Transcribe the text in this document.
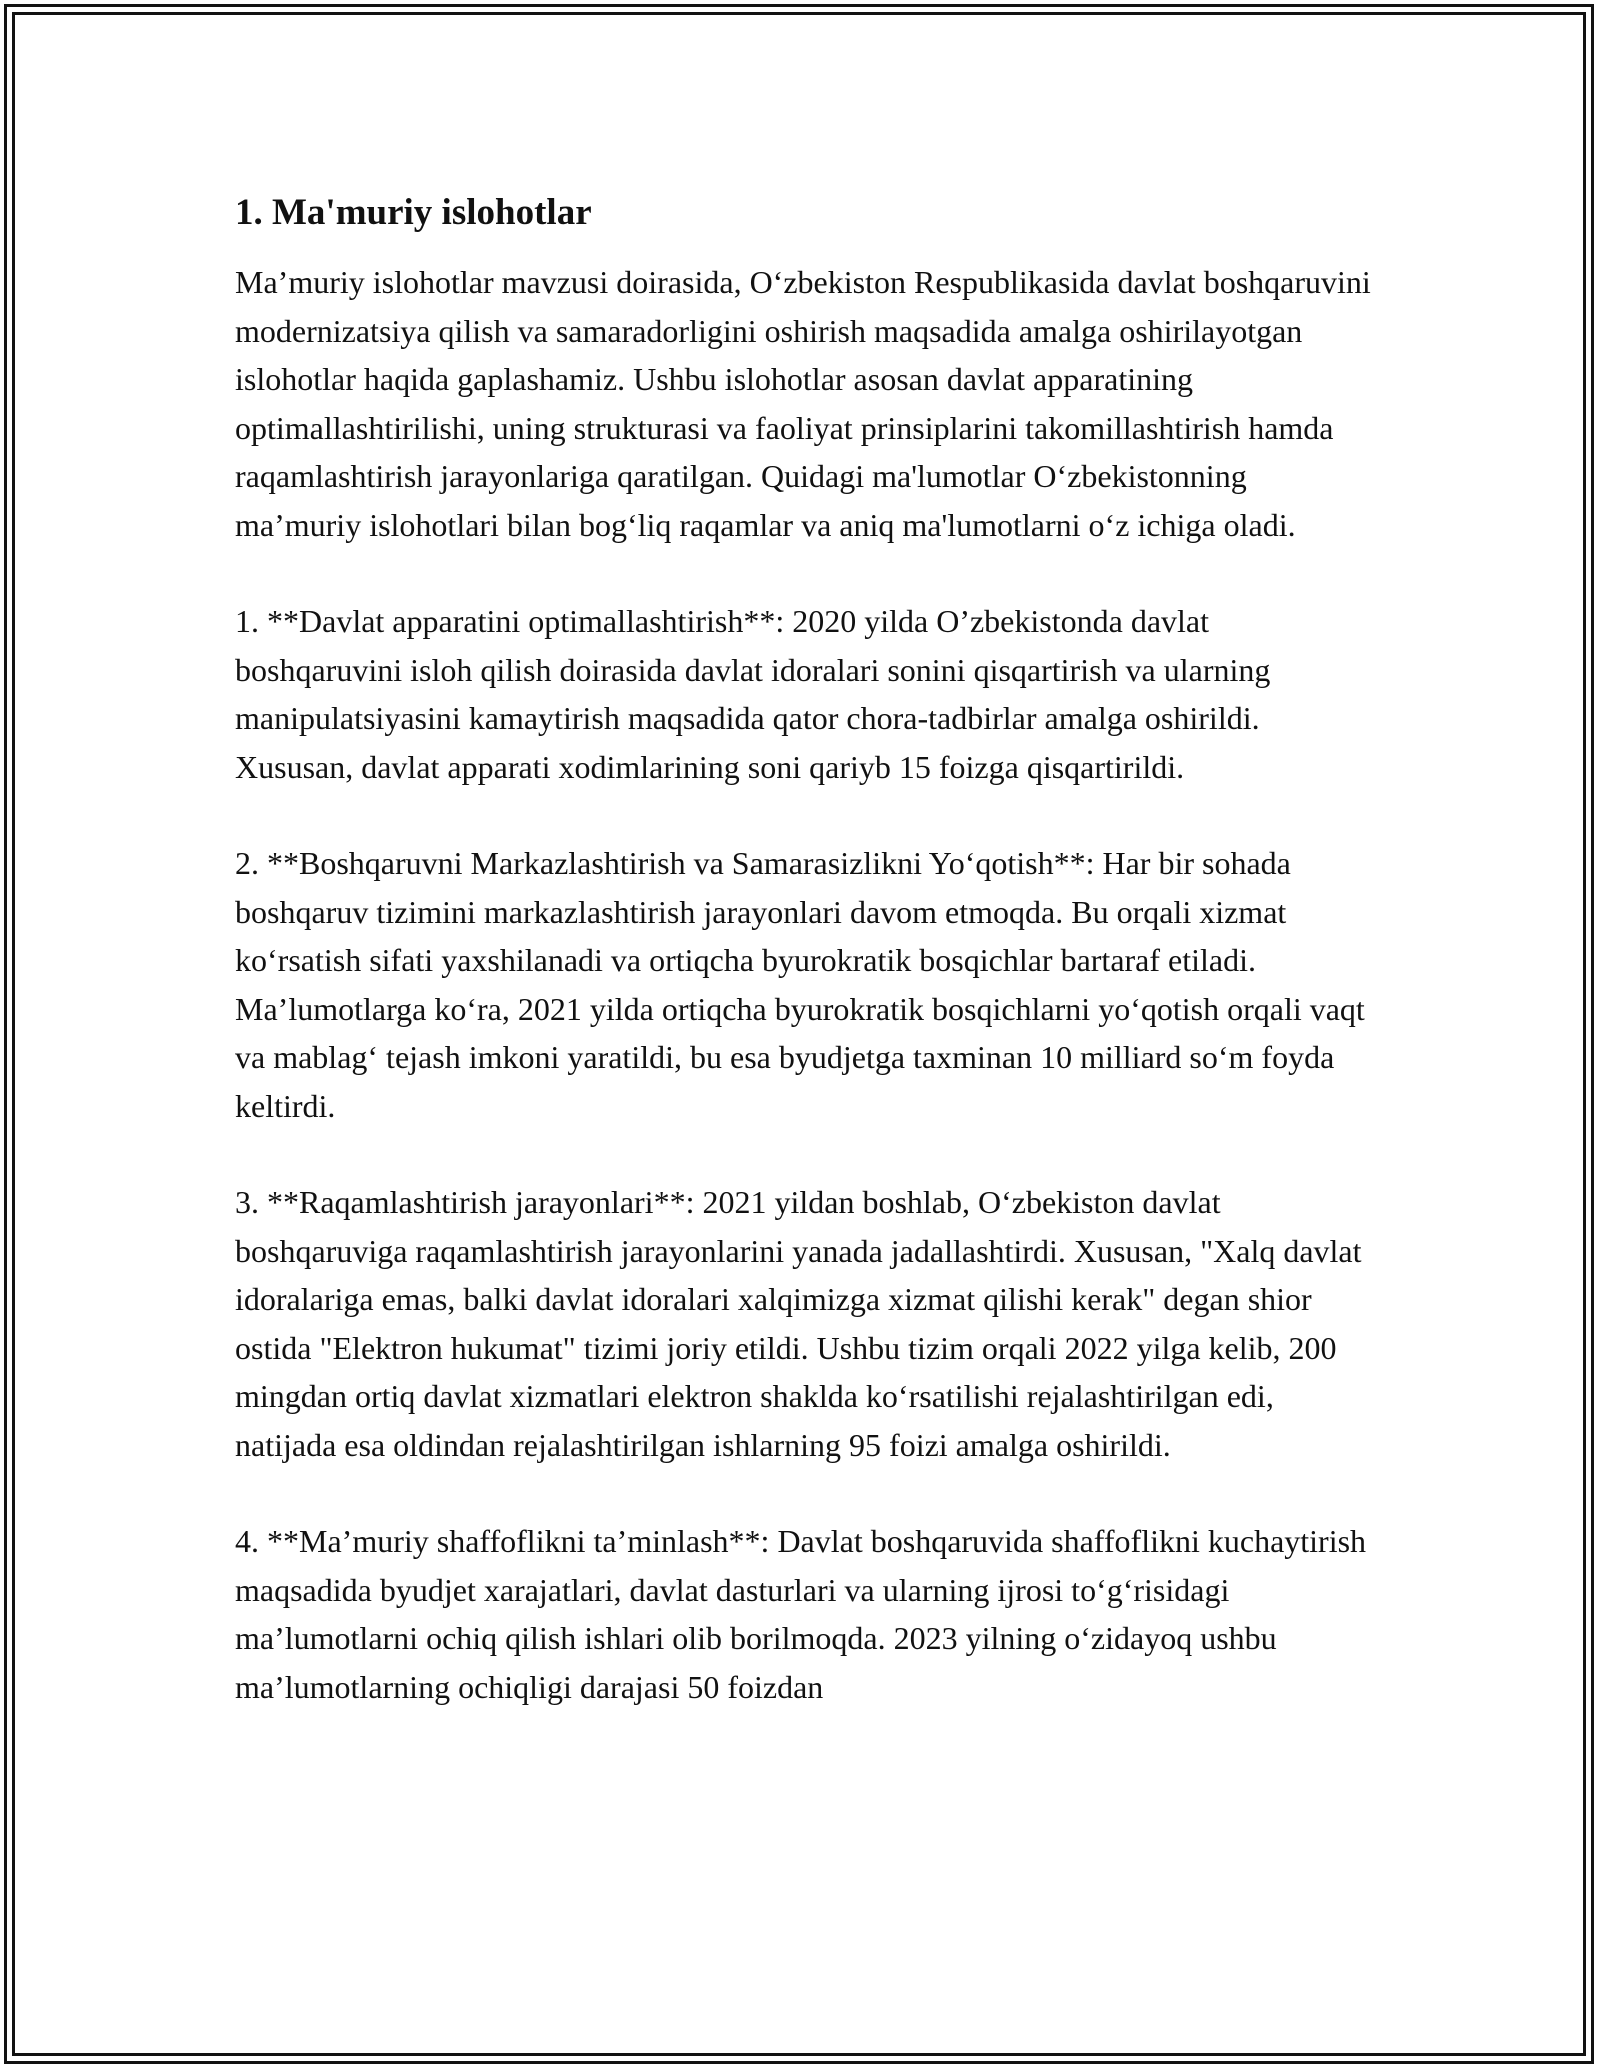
1. Ma'muriy islohotlar

Ma’muriy islohotlar mavzusi doirasida, O‘zbekiston Respublikasida davlat boshqaruvini modernizatsiya qilish va samaradorligini oshirish maqsadida amalga oshirilayotgan islohotlar haqida gaplashamiz. Ushbu islohotlar asosan davlat apparatining optimallashtirilishi, uning strukturasi va faoliyat prinsiplarini takomillashtirish hamda raqamlashtirish jarayonlariga qaratilgan. Quidagi ma'lumotlar O‘zbekistonning ma’muriy islohotlari bilan bog‘liq raqamlar va aniq ma'lumotlarni o‘z ichiga oladi.

1. **Davlat apparatini optimallashtirish**: 2020 yilda O’zbekistonda davlat boshqaruvini isloh qilish doirasida davlat idoralari sonini qisqartirish va ularning manipulatsiyasini kamaytirish maqsadida qator chora-tadbirlar amalga oshirildi. Xususan, davlat apparati xodimlarining soni qariyb 15 foizga qisqartirildi.

2. **Boshqaruvni Markazlashtirish va Samarasizlikni Yo‘qotish**: Har bir sohada boshqaruv tizimini markazlashtirish jarayonlari davom etmoqda. Bu orqali xizmat ko‘rsatish sifati yaxshilanadi va ortiqcha byurokratik bosqichlar bartaraf etiladi. Ma’lumotlarga ko‘ra, 2021 yilda ortiqcha byurokratik bosqichlarni yo‘qotish orqali vaqt va mablag‘ tejash imkoni yaratildi, bu esa byudjetga taxminan 10 milliard so‘m foyda keltirdi.

3. **Raqamlashtirish jarayonlari**: 2021 yildan boshlab, O‘zbekiston davlat boshqaruviga raqamlashtirish jarayonlarini yanada jadallashtirdi. Xususan, "Xalq davlat idoralariga emas, balki davlat idoralari xalqimizga xizmat qilishi kerak" degan shior ostida "Elektron hukumat" tizimi joriy etildi. Ushbu tizim orqali 2022 yilga kelib, 200 mingdan ortiq davlat xizmatlari elektron shaklda ko‘rsatilishi rejalashtirilgan edi, natijada esa oldindan rejalashtirilgan ishlarning 95 foizi amalga oshirildi.

4. **Ma’muriy shaffoflikni ta’minlash**: Davlat boshqaruvida shaffoflikni kuchaytirish maqsadida byudjet xarajatlari, davlat dasturlari va ularning ijrosi to‘g‘risidagi ma’lumotlarni ochiq qilish ishlari olib borilmoqda. 2023 yilning o‘zidayoq ushbu ma’lumotlarning ochiqligi darajasi 50 foizdan
